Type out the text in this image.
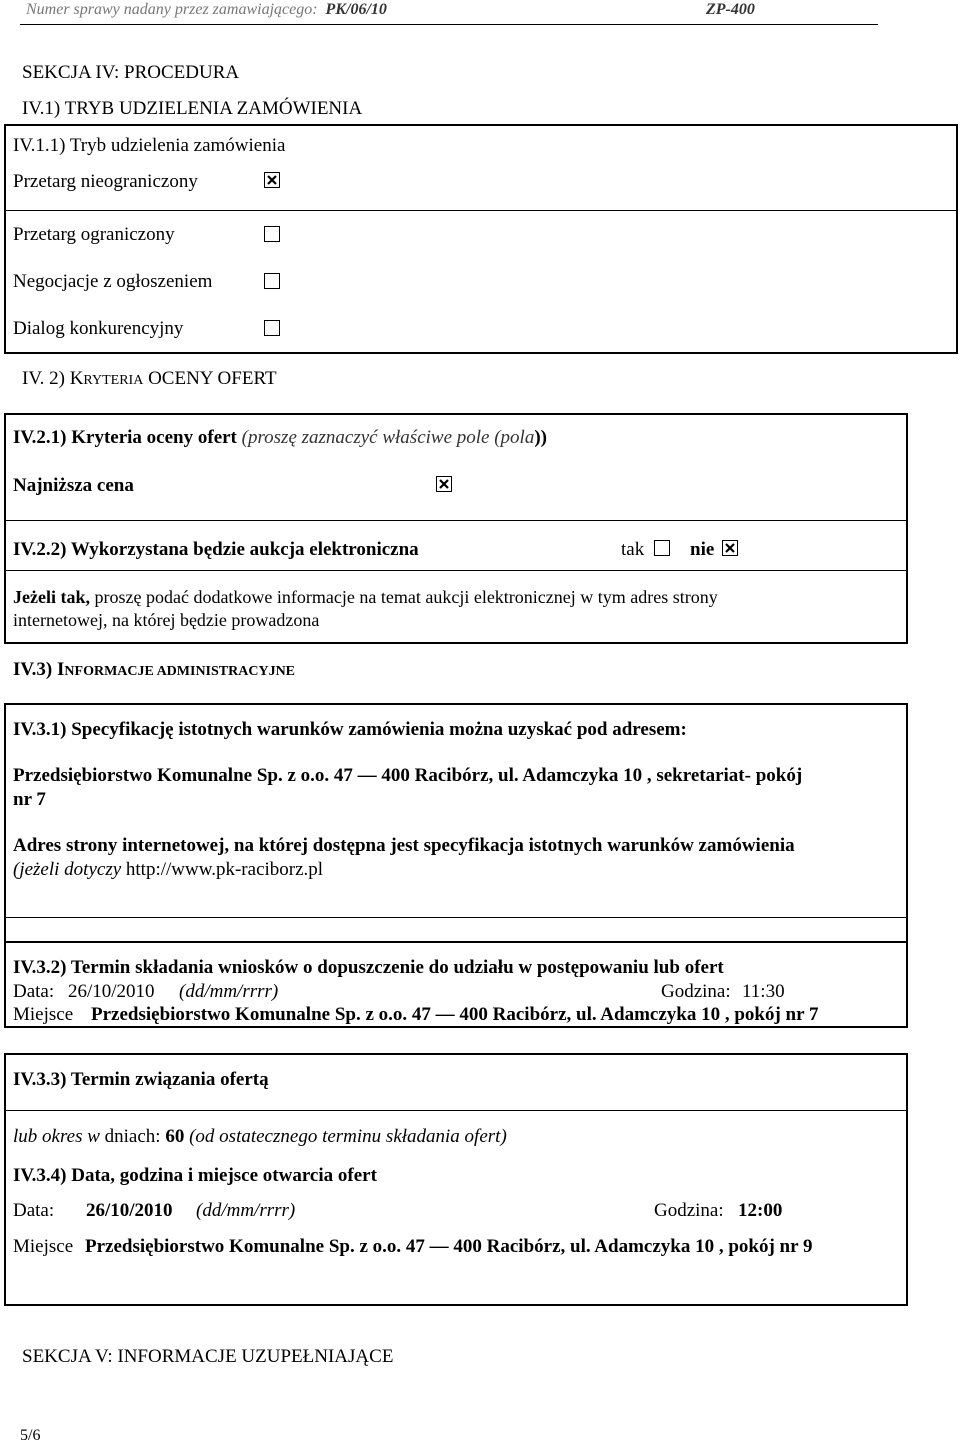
Numer sprawy nadany przez zamawiającego: PK/06/10	ZP-400
SEKCJA IV: PROCEDURA
IV.1) TRYB UDZIELENIA ZAMÓWIENIA
IV.1.1) Tryb udzielenia zamówienia
Przetarg nieograniczony
Przetarg ograniczony
Negocjacje z ogłoszeniem
Dialog konkurencyjny
IV. 2) KRYTERIA OCENY OFERT
IV.2.1) Kryteria oceny ofert (proszę zaznaczyć właściwe pole (pola))
Najniższa cena
IV.2.2) Wykorzystana będzie aukcja elektroniczna	tak nie
Jeżeli tak, proszę podać dodatkowe informacje na temat aukcji elektronicznej w tym adres strony
internetowej, na której będzie prowadzona
IV.3) INFORMACJE ADMINISTRACYJNE
IV.3.1) Specyfikację istotnych warunków zamówienia można uzyskać pod adresem:
Przedsiębiorstwo Komunalne Sp. z o.o. 47 — 400 Racibórz, ul. Adamczyka 10 , sekretariat- pokój
nr 7
Adres strony internetowej, na której dostępna jest specyfikacja istotnych warunków zamówienia
(jeżeli dotyczy http://www.pk-raciborz.pl
IV.3.2) Termin składania wniosków o dopuszczenie do udziału w postępowaniu lub ofert
Data: 26/10/2010 (dd/mm/rrrr)	Godzina: 11:30
Miejsce Przedsiębiorstwo Komunalne Sp. z o.o. 47 — 400 Racibórz, ul. Adamczyka 10 , pokój nr 7
IV.3.3) Termin związania ofertą
lub okres w dniach: 60 (od ostatecznego terminu składania ofert)
IV.3.4) Data, godzina i miejsce otwarcia ofert
Data: 26/10/2010 (dd/mm/rrrr)	Godzina: 12:00
Miejsce Przedsiębiorstwo Komunalne Sp. z o.o. 47 — 400 Racibórz, ul. Adamczyka 10 , pokój nr 9
SEKCJA V: INFORMACJE UZUPEŁNIAJĄCE
5/6
